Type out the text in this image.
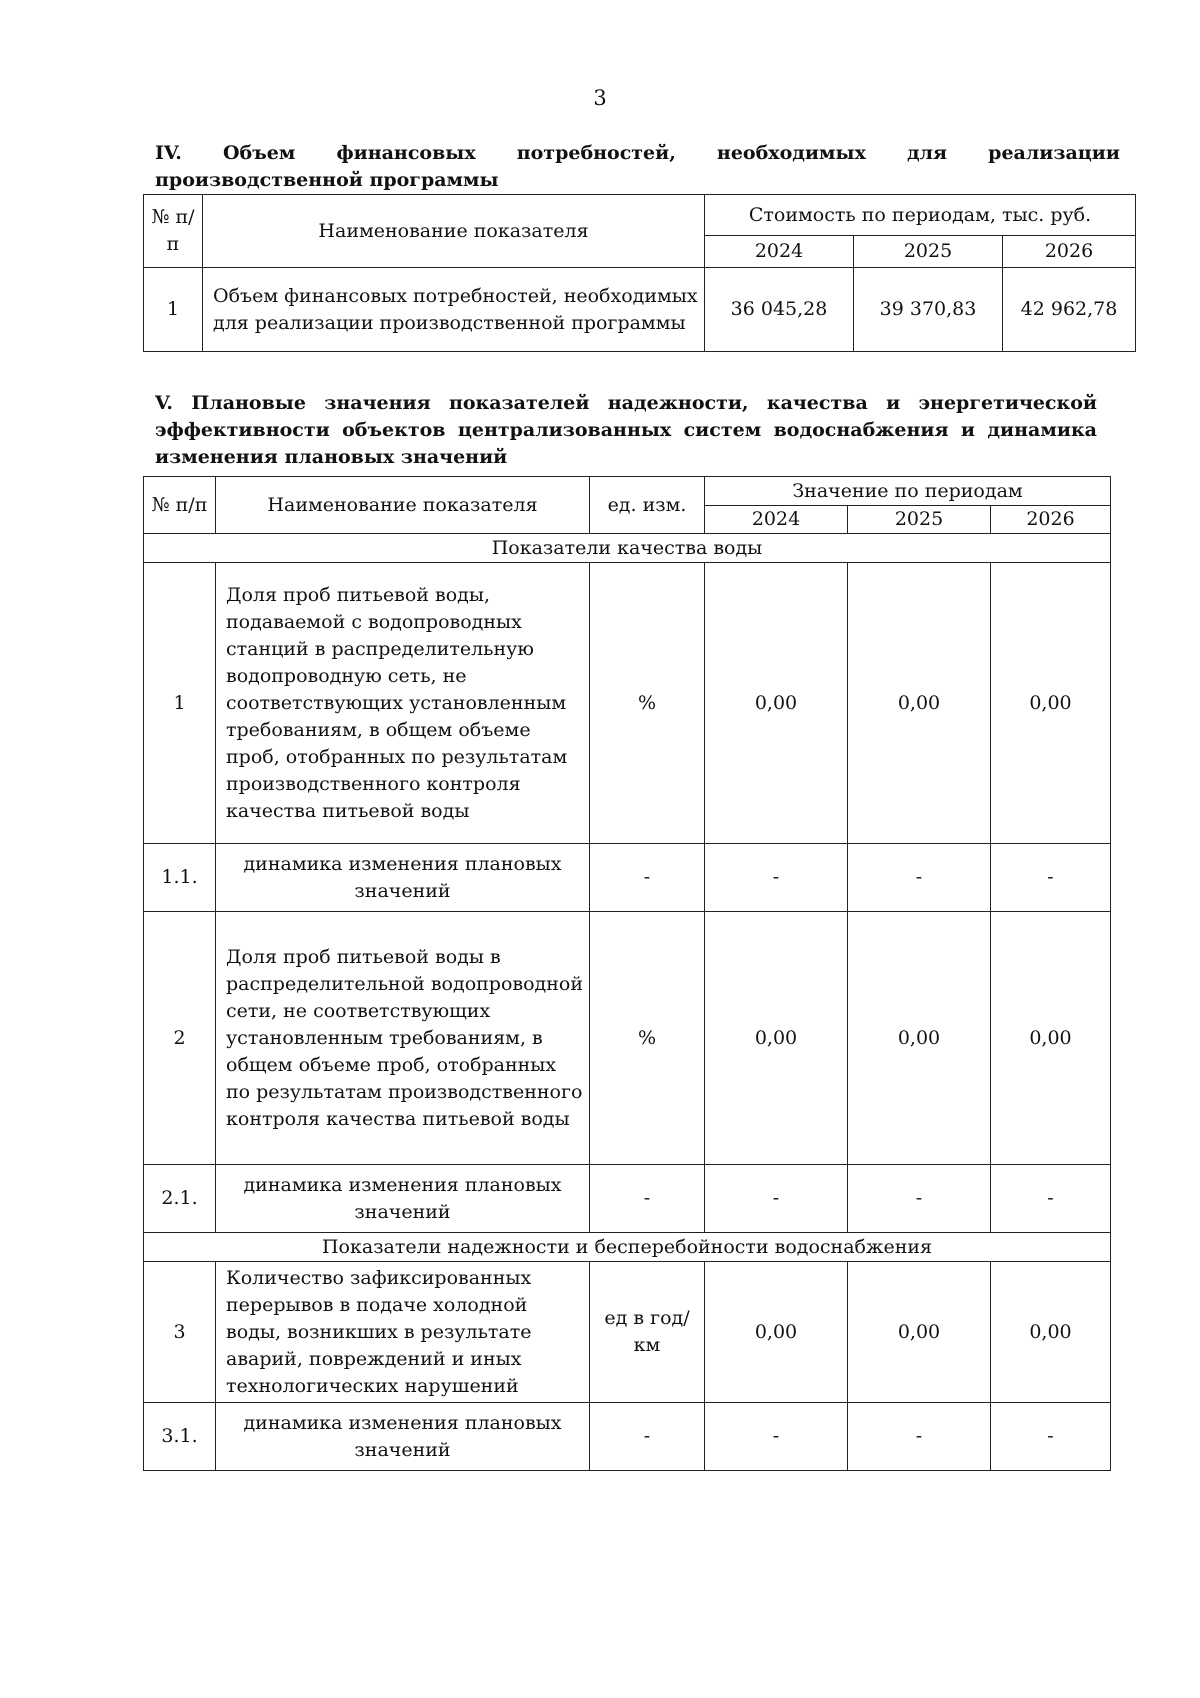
3
IV. Объем финансовых потребностей, необходимых для реализации производственной программы
№ п/п	Наименование показателя	Стоимость по периодам, тыс. руб.		
		2024	2025	2026
1	Объем финансовых потребностей, необходимых для реализации производственной программы	36 045,28	39 370,83	42 962,78
V. Плановые значения показателей надежности, качества и энергетической эффективности объектов централизованных систем водоснабжения и динамика изменения плановых значений
№ п/п	Наименование показателя	ед. изм.	Значение по периодам		
			2024	2025	2026
Показатели качества воды					
1	Доля проб питьевой воды, подаваемой с водопроводных станций в распределительную водопроводную сеть, не соответствующих установленным требованиям, в общем объеме проб, отобранных по результатам производственного контроля качества питьевой воды	%	0,00	0,00	0,00
1.1.	динамика изменения плановых значений	-	-	-	-
2	Доля проб питьевой воды в распределительной водопроводной сети, не соответствующих установленным требованиям, в общем объеме проб, отобранных по результатам производственного контроля качества питьевой воды	%	0,00	0,00	0,00
2.1.	динамика изменения плановых значений	-	-	-	-
Показатели надежности и бесперебойности водоснабжения					
3	Количество зафиксированных перерывов в подаче холодной воды, возникших в результате аварий, повреждений и иных технологических нарушений	ед в год/ км	0,00	0,00	0,00
3.1.	динамика изменения плановых значений	-	-	-	-
